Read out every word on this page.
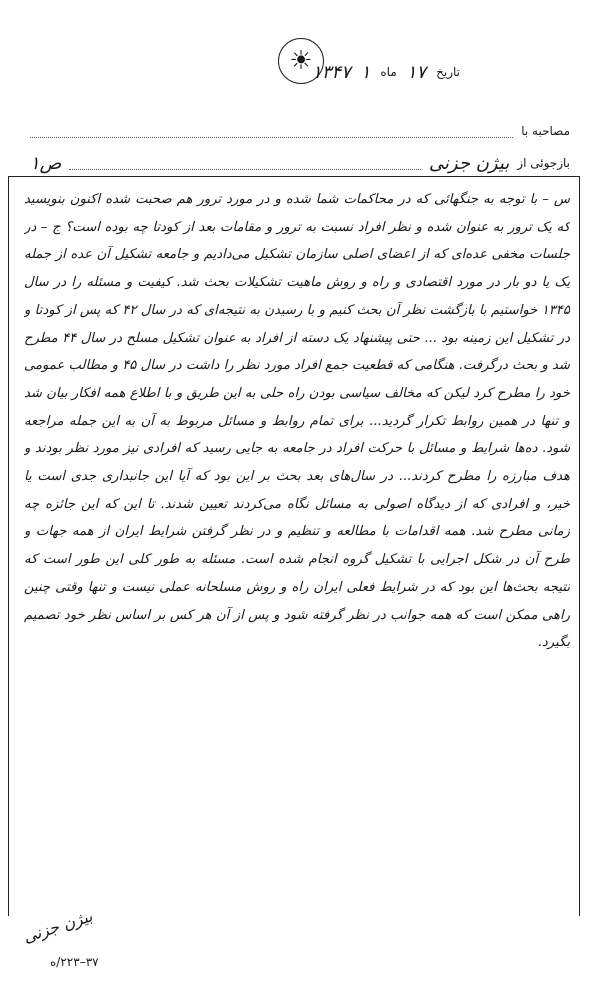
تاریخ
۱۷
ماه
۱
۱۳۴۷
☀
مصاحبه با
بازجوئی از
بیژن جزنی
ص۱

س – با توجه به جنگهائی که در محاکمات شما شده و در مورد ترور هم صحبت شده اکنون بنویسید که یک ترور به عنوان شده و نظر افراد نسبت به ترور و مقامات بعد از کودتا چه بوده است؟ ج – در جلسات مخفی عده‌ای که از اعضای اصلی سازمان تشکیل می‌دادیم و جامعه تشکیل آن عده از جمله یک یا دو بار در مورد اقتصادی و راه و روش ماهیت تشکیلات بحث شد. کیفیت و مسئله را در سال ۱۳۴۵ خواستیم با بازگشت نظر آن بحث کنیم و با رسیدن به نتیجه‌ای که در سال ۴۲ که پس از کودتا و در تشکیل این زمینه بود ... حتی پیشنهاد یک دسته از افراد به عنوان تشکیل مسلح در سال ۴۴ مطرح شد و بحث درگرفت. هنگامی که قطعیت جمع افراد مورد نظر را داشت در سال ۴۵ و مطالب عمومی خود را مطرح کرد لیکن که مخالف سیاسی بودن راه حلی به این طریق و با اطلاع همه افکار بیان شد و تنها در همین روابط تکرار گردید... برای تمام روابط و مسائل مربوط به آن به این جمله مراجعه شود. ده‌ها شرایط و مسائل با حرکت افراد در جامعه به جایی رسید که افرادی نیز مورد نظر بودند و هدف مبارزه را مطرح کردند... در سال‌های بعد بحث بر این بود که آیا این جانبداری جدی است یا خیر، و افرادی که از دیدگاه اصولی به مسائل نگاه می‌کردند تعیین شدند. تا این که این جائزه چه زمانی مطرح شد. همه اقدامات با مطالعه و تنظیم و در نظر گرفتن شرایط ایران از همه جهات و طرح آن در شکل اجرایی با تشکیل گروه انجام شده است. مسئله به طور کلی این طور است که نتیجه بحث‌ها این بود که در شرایط فعلی ایران راه و روش مسلحانه عملی نیست و تنها وقتی چنین راهی ممکن است که همه جوانب در نظر گرفته شود و پس از آن هر کس بر اساس نظر خود تصمیم بگیرد.

بیژن جزنی
۳۷–۲۲۳/ه
